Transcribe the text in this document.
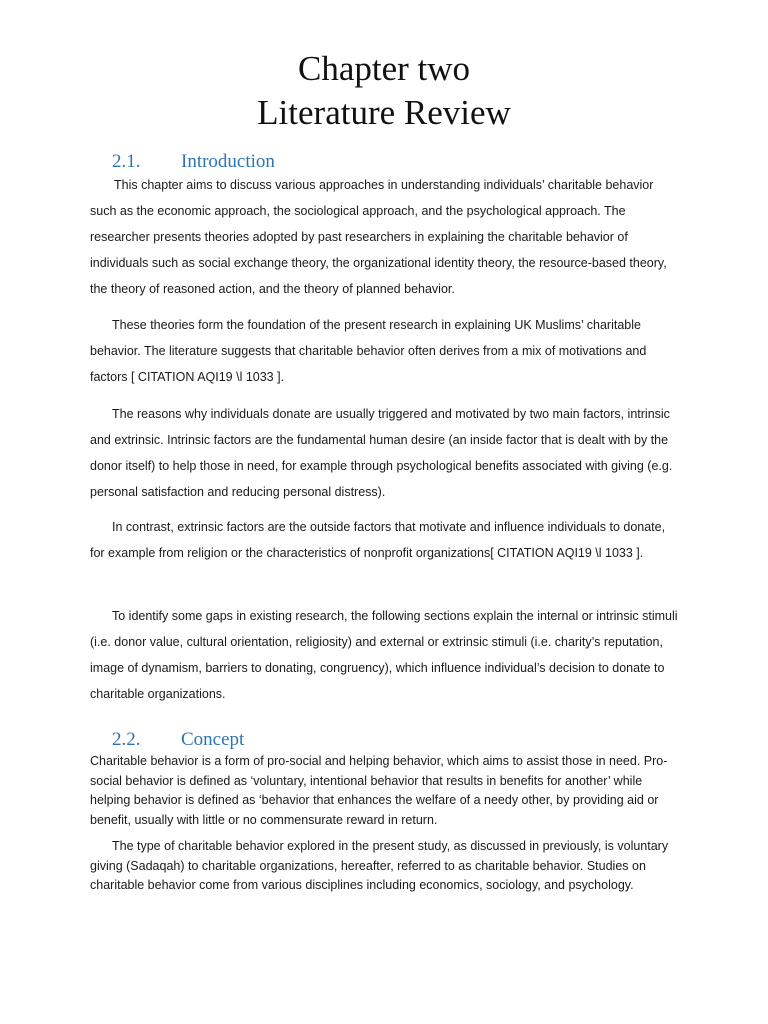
Chapter two
Literature Review
2.1. Introduction

This chapter aims to discuss various approaches in understanding individuals’ charitable behavior such as the economic approach, the sociological approach, and the psychological approach. The researcher presents theories adopted by past researchers in explaining the charitable behavior of individuals such as social exchange theory, the organizational identity theory, the resource-based theory, the theory of reasoned action, and the theory of planned behavior.

These theories form the foundation of the present research in explaining UK Muslims’ charitable behavior. The literature suggests that charitable behavior often derives from a mix of motivations and factors [ CITATION AQI19 \l 1033 ].

The reasons why individuals donate are usually triggered and motivated by two main factors, intrinsic and extrinsic. Intrinsic factors are the fundamental human desire (an inside factor that is dealt with by the donor itself) to help those in need, for example through psychological benefits associated with giving (e.g. personal satisfaction and reducing personal distress).

In contrast, extrinsic factors are the outside factors that motivate and influence individuals to donate, for example from religion or the characteristics of nonprofit organizations[ CITATION AQI19 \l 1033 ].

To identify some gaps in existing research, the following sections explain the internal or intrinsic stimuli (i.e. donor value, cultural orientation, religiosity) and external or extrinsic stimuli (i.e. charity’s reputation, image of dynamism, barriers to donating, congruency), which influence individual’s decision to donate to charitable organizations.

2.2. Concept

Charitable behavior is a form of pro-social and helping behavior, which aims to assist those in need. Pro-social behavior is defined as ‘voluntary, intentional behavior that results in benefits for another’ while helping behavior is defined as ‘behavior that enhances the welfare of a needy other, by providing aid or benefit, usually with little or no commensurate reward in return.

The type of charitable behavior explored in the present study, as discussed in previously, is voluntary giving (Sadaqah) to charitable organizations, hereafter, referred to as charitable behavior. Studies on charitable behavior come from various disciplines including economics, sociology, and psychology.
